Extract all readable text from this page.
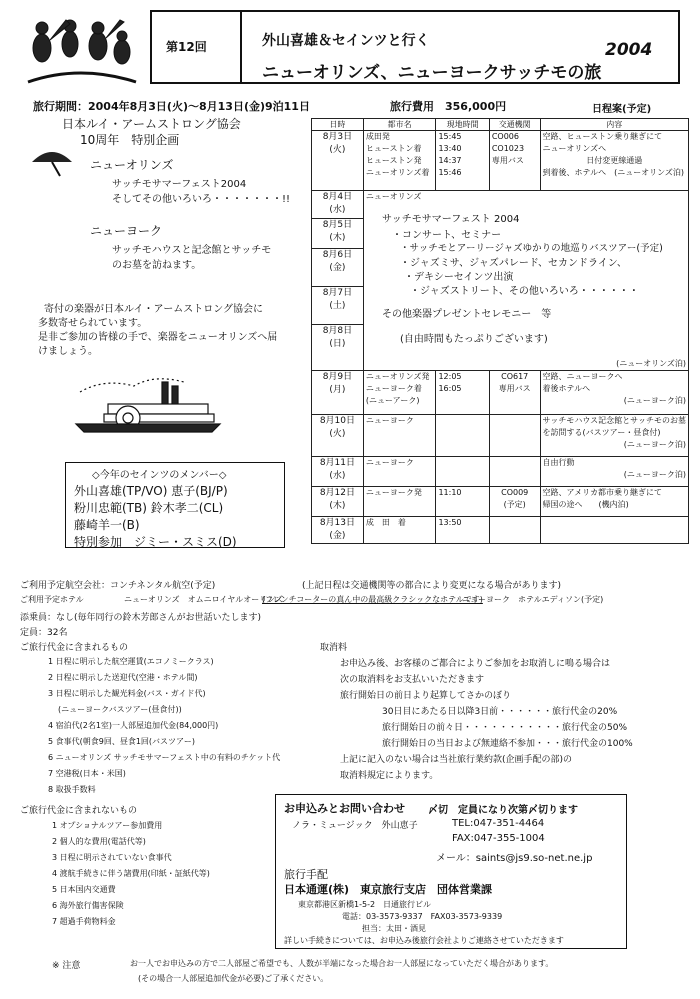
第12回	外山喜雄＆セインツと行く
ニューオリンズ、ニューヨークサッチモの旅
2004
旅行期間：2004年8月3日(火)～8月13日(金)9泊11日	旅行費用　356,000円	日程案(予定)
日本ルイ・アームストロング協会
10周年　特別企画
ニューオリンズ
サッチモサマーフェスト2004
そしてその他いろいろ・・・・・・・!!
ニューヨーク
サッチモハウスと記念館とサッチモ
のお墓を訪ねます。
寄付の楽器が日本ルイ・アームストロング協会に
多数寄せられています。
是非ご参加の皆様の手で、楽器をニューオリンズへ届
けましょう。
◇今年のセインツのメンバー◇
外山喜雄(TP/VO) 恵子(BJ/P)
粉川忠範(TB) 鈴木孝二(CL)
藤崎羊一(B)
特別参加　ジミー・スミス(D)
日時	都市名	現地時間	交通機関	内容

8月3日
(火)	成田発
ヒューストン着
ヒューストン発
ニューオリンズ着	15:45
13:40
14:37
15:46	CO006
CO1023
専用バス	空路、ヒューストン乗り継ぎにて
ニューオリンズへ
日付変更線通過
到着後、ホテルへ　(ニューオリンズ泊)

8月4日
(水)	ニューオリンズ			

8月5日
(木)				

8月6日
(金)				

8月7日
(土)				

8月8日
(日)	(ニューオリンズ泊)			

8月9日
(月)	ニューオリンズ発
ニューヨーク着
(ニューアーク)	12:05
16:05	CO617
専用バス	空路、ニューヨークへ
着後ホテルへ
(ニューヨーク泊)

8月10日
(火)	ニューヨーク			サッチモハウス記念館とサッチモのお墓
を訪問する(バスツアー・昼食付)
(ニューヨーク泊)

8月11日
(水)	ニューヨーク			自由行動
(ニューヨーク泊)

8月12日
(木)	ニューヨーク発	11:10	CO009
(予定)	空路、アメリカ都市乗り継ぎにて
帰国の途へ　　(機内泊)

8月13日
(金)	成　田　着	13:50		

サッチモサマーフェスト 2004
・コンサート、セミナー
・サッチモとアーリージャズゆかりの地巡りバスツアー(予定)
・ジャズミサ、ジャズパレード、セカンドライン、
・デキシーセインツ出演
・ジャズストリート、その他いろいろ・・・・・・
その他楽器プレゼントセレモニー　等
(自由時間もたっぷりございます)
ご利用予定航空会社：コンチネンタル航空(予定)	(上記日程は交通機関等の都合により変更になる場合があります)
ご利用予定ホテル	ニューオリンズ　オムニロイヤルオーリンズ
(フレンチコーターの真ん中の最高級クラシックなホテルです)
ニューヨーク　ホテルエディソン(予定)
添乗員：なし(毎年同行の鈴木芳郎さんがお世話いたします)
定員：32名
ご旅行代金に含まれるもの
1 日程に明示した航空運賃(エコノミークラス)
2 日程に明示した送迎代(空港・ホテル間)
3 日程に明示した観光料金(バス・ガイド代)
(ニューヨークバスツアー(昼食付))
4 宿泊代(2名1室)一人部屋追加代金(84,000円)
5 食事代(朝食9回、昼食1回(バスツアー)
6 ニューオリンズ サッチモサマーフェスト中の有料のチケット代
7 空港税(日本・米国)
8 取扱手数料
取消料
お申込み後、お客様のご都合によりご参加をお取消しに鳴る場合は
次の取消料をお支払いいただきます
旅行開始日の前日より起算してさかのぼり
30日目にあたる日以降3日前・・・・・・旅行代金の20%
旅行開始日の前々日・・・・・・・・・・・旅行代金の50%
旅行開始日の当日および無連絡不参加・・・旅行代金の100%
上記に記入のない場合は当社旅行業約款(企画手配の部)の
取消料規定によります。
ご旅行代金に含まれないもの
1 オプショナルツアー参加費用
2 個人的な費用(電話代等)
3 日程に明示されていない食事代
4 渡航手続きに伴う諸費用(印紙・証紙代等)
5 日本国内交通費
6 海外旅行傷害保険
7 超過手荷物料金
お申込みとお問い合わせ 〆切　定員になり次第〆切ります
ノラ・ミュージック　外山恵子	TEL:047-351-4464
FAX:047-355-1004
メール：saints@js9.so-net.ne.jp
旅行手配
日本通運(株)　東京旅行支店　団体営業課
東京都港区新橋1-5-2　日通旅行ビル
電話：03-3573-9337　FAX03-3573-9339
担当：太田・酒見
詳しい手続きについては、お申込み後旅行会社よりご連絡させていただきます
※ 注意	お一人でお申込みの方で二人部屋ご希望でも、人数が半端になった場合お一人部屋になっていただく場合があります。
(その場合一人部屋追加代金が必要)ご了承ください。
